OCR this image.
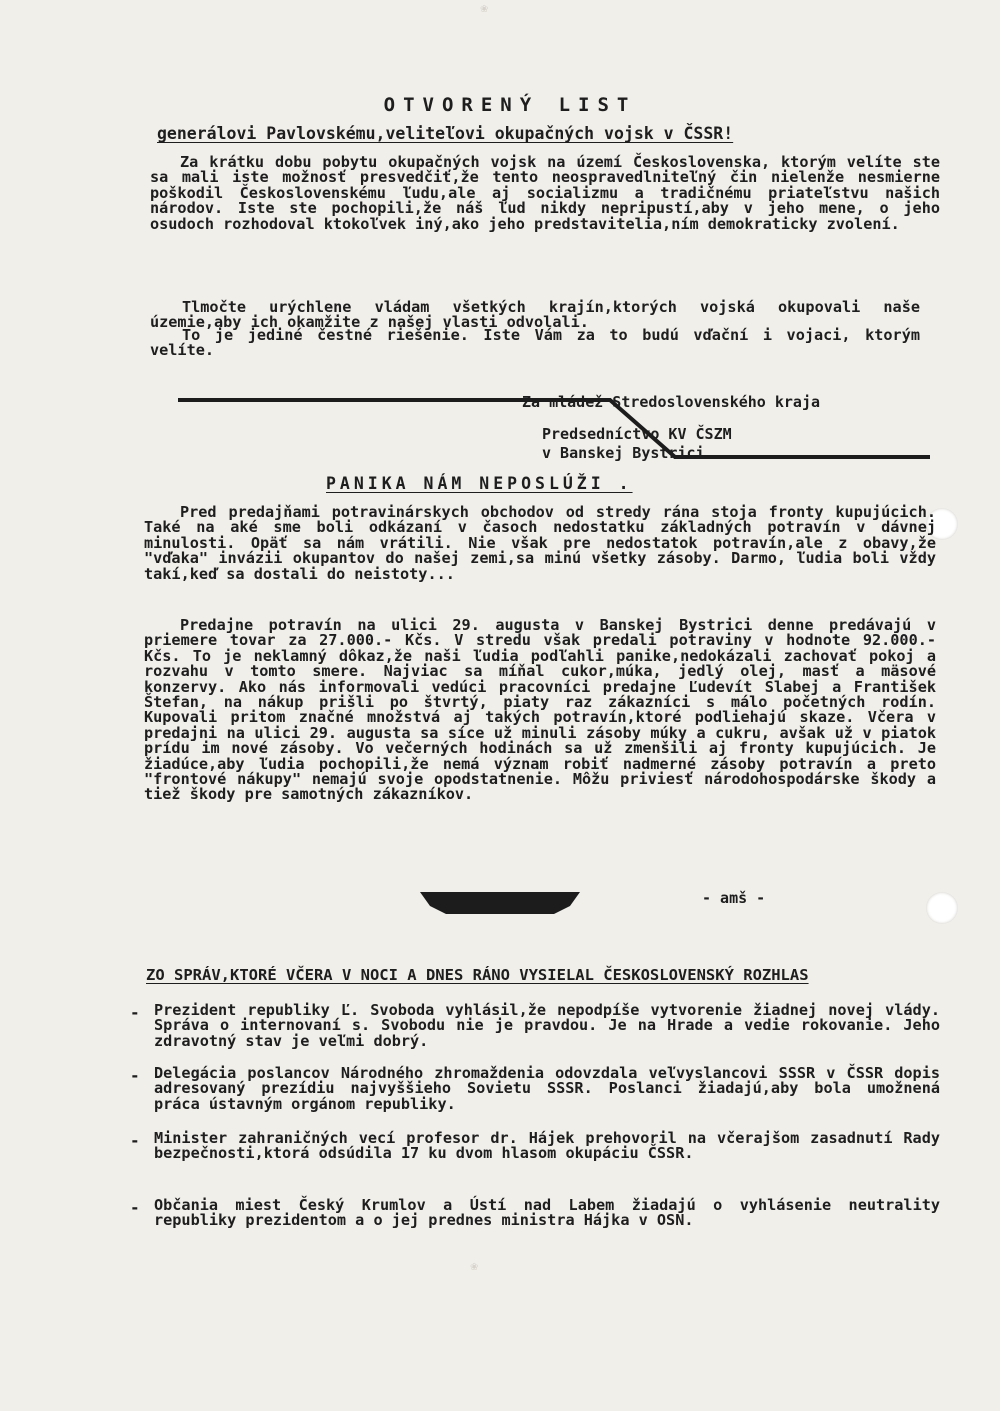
❀
❀
OTVORENÝ LIST
generálovi Pavlovskému,veliteľovi okupačných vojsk v ČSSR!
Za krátku dobu pobytu okupačných vojsk na území Československa, ktorým velíte ste sa mali iste možnosť presvedčiť,že tento neospravedlniteľný čin nielenže nesmierne poškodil Československému ľudu,ale aj socializmu a tradičnému priateľstvu našich národov. Iste ste pochopili,že náš ľud nikdy nepripustí,aby v jeho mene, o jeho osudoch rozhodoval ktokoľvek iný,ako jeho predstavitelia,ním demokraticky zvolení.
Tlmočte urýchlene vládam všetkých krajín,ktorých vojská okupovali naše územie,aby ich okamžite z našej vlasti odvolali.
To je jediné čestné riešenie. Iste Vám za to budú vďační i vojaci, ktorým velíte.
Za mládež Stredoslovenského kraja
Predsedníctvo KV ČSZM
v Banskej Bystrici
PANIKA NÁM NEPOSLÚŽI .
Pred predajňami potravinárskych obchodov od stredy rána stoja fronty kupujúcich. Také na aké sme boli odkázaní v časoch nedostatku základných potravín v dávnej minulosti. Opäť sa nám vrátili. Nie však pre nedostatok potravín,ale z obavy,že "vďaka" invázii okupantov do našej zemi,sa minú všetky zásoby. Darmo, ľudia boli vždy takí,keď sa dostali do neistoty...
Predajne potravín na ulici 29. augusta v Banskej Bystrici denne predávajú v priemere tovar za 27.000.- Kčs. V stredu však predali potraviny v hodnote 92.000.- Kčs. To je neklamný dôkaz,že naši ľudia podľahli panike,nedokázali zachovať pokoj a rozvahu v tomto smere. Najviac sa míňal cukor,múka, jedlý olej, masť a mäsové konzervy. Ako nás informovali vedúci pracovníci predajne Ľudevít Slabej a František Štefan, na nákup prišli po štvrtý, piaty raz zákazníci s málo početných rodín. Kupovali pritom značné množstvá aj takých potravín,ktoré podliehajú skaze. Včera v predajni na ulici 29. augusta sa síce už minuli zásoby múky a cukru, avšak už v piatok prídu im nové zásoby. Vo večerných hodinách sa už zmenšili aj fronty kupujúcich. Je žiadúce,aby ľudia pochopili,že nemá význam robiť nadmerné zásoby potravín a preto "frontové nákupy" nemajú svoje opodstatnenie. Môžu priviesť národohospodárske škody a tiež škody pre samotných zákazníkov.
- amš -
ZO SPRÁV,KTORÉ VČERA V NOCI A DNES RÁNO VYSIELAL ČESKOSLOVENSKÝ ROZHLAS
- Prezident republiky Ľ. Svoboda vyhlásil,že nepodpíše vytvorenie žiadnej novej vlády. Správa o internovaní s. Svobodu nie je pravdou. Je na Hrade a vedie rokovanie. Jeho zdravotný stav je veľmi dobrý.
- Delegácia poslancov Národného zhromaždenia odovzdala veľvyslancovi SSSR v ČSSR dopis adresovaný prezídiu najvyššieho Sovietu SSSR. Poslanci žiadajú,aby bola umožnená práca ústavným orgánom republiky.
- Minister zahraničných vecí profesor dr. Hájek prehovoril na včerajšom zasadnutí Rady bezpečnosti,ktorá odsúdila 17 ku dvom hlasom okupáciu ČSSR.
- Občania miest Český Krumlov a Ústí nad Labem žiadajú o vyhlásenie neutrality republiky prezidentom a o jej prednes ministra Hájka v OSN.
